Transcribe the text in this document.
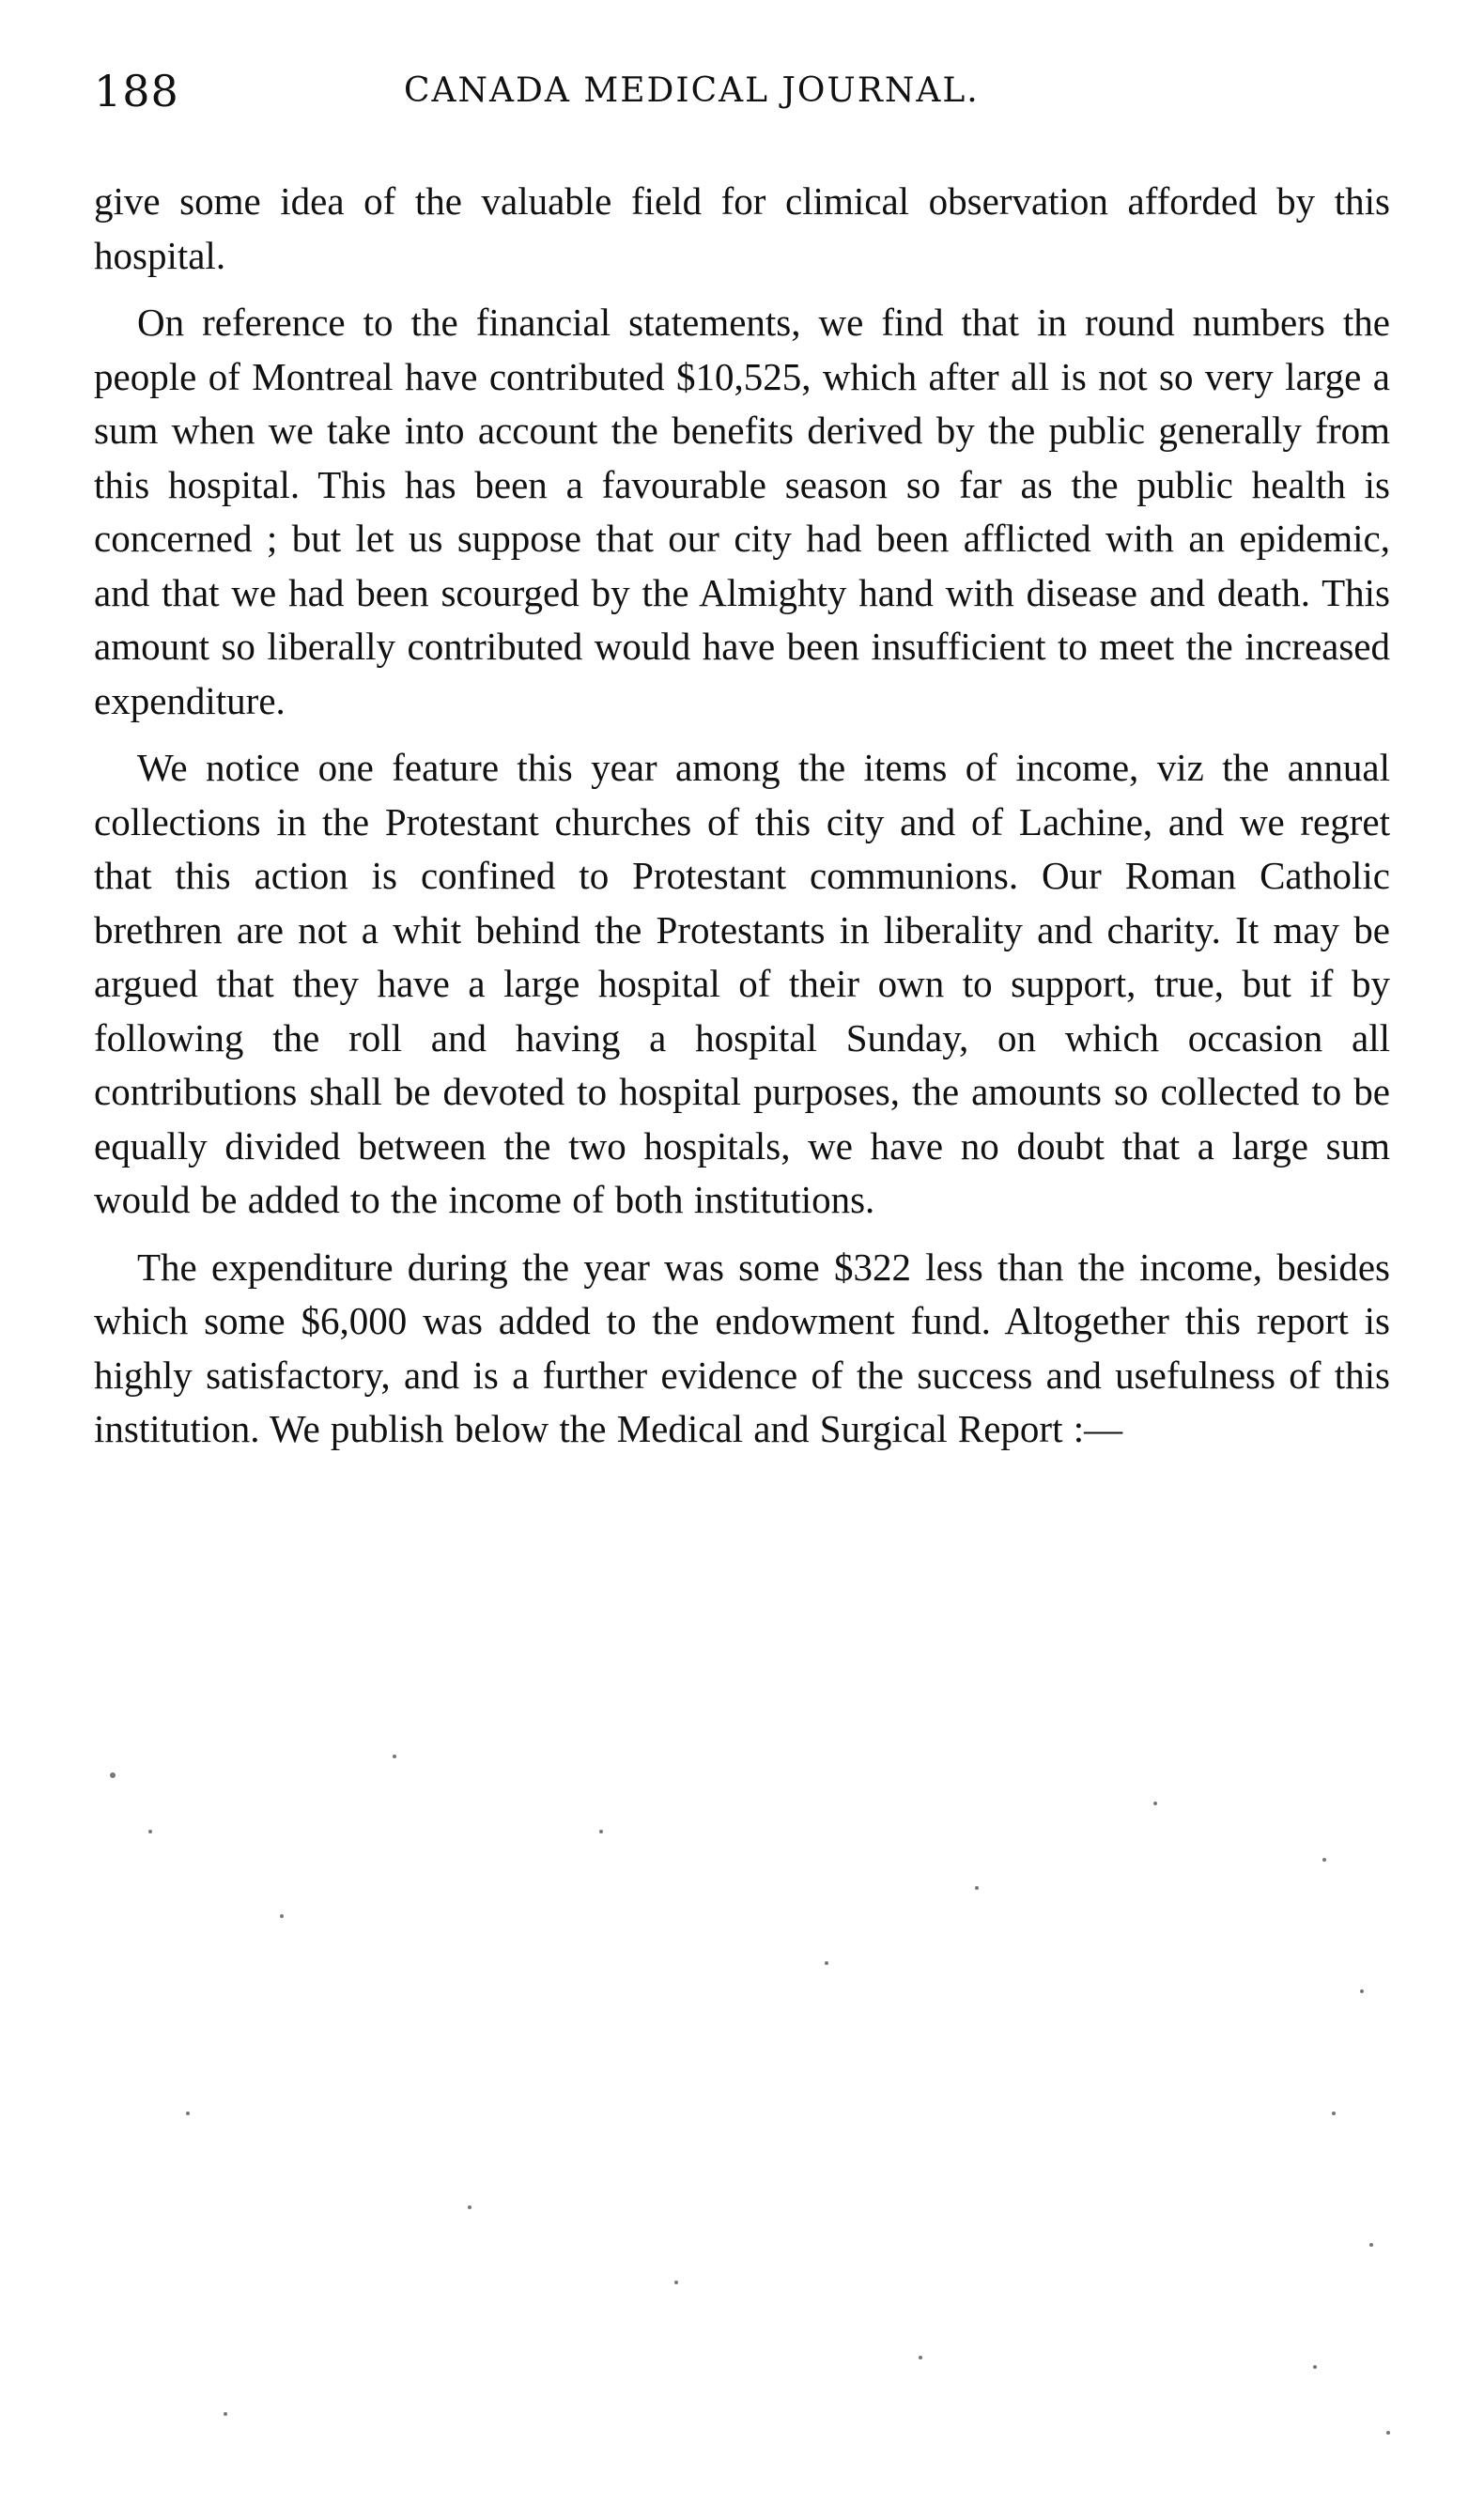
188	CANADA MEDICAL JOURNAL.

give some idea of the valuable field for climical observation afforded by this hospital.

On reference to the financial statements, we find that in round numbers the people of Montreal have contributed $10,525, which after all is not so very large a sum when we take into account the benefits derived by the public generally from this hospital. This has been a favourable season so far as the public health is concerned ; but let us suppose that our city had been afflicted with an epidemic, and that we had been scourged by the Almighty hand with disease and death. This amount so liberally contributed would have been insufficient to meet the increased expenditure.

We notice one feature this year among the items of income, viz the annual collections in the Protestant churches of this city and of Lachine, and we regret that this action is confined to Protestant communions. Our Roman Catholic brethren are not a whit behind the Protestants in liberality and charity. It may be argued that they have a large hospital of their own to support, true, but if by following the roll and having a hospital Sunday, on which occasion all contributions shall be devoted to hospital purposes, the amounts so collected to be equally divided between the two hospitals, we have no doubt that a large sum would be added to the income of both institutions.

The expenditure during the year was some $322 less than the income, besides which some $6,000 was added to the endowment fund. Altogether this report is highly satisfactory, and is a further evidence of the success and usefulness of this institution. We publish below the Medical and Surgical Report :—
